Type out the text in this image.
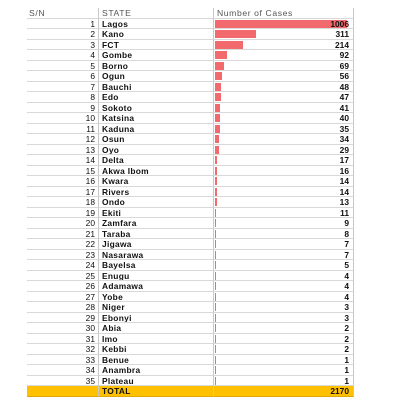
S/N	STATE	Number of Cases
1 Lagos	1006
2 Kano	311
3 FCT	214
4 Gombe	92
5 Borno	69
6 Ogun	56
7 Bauchi	48
8 Edo	47
9 Sokoto	41
10 Katsina	40
11 Kaduna	35
12 Osun	34
13 Oyo	29
14 Delta	17
15 Akwa Ibom	16
16 Kwara	14
17 Rivers	14
18 Ondo	13
19 Ekiti	11
20 Zamfara	9
21 Taraba	8
22 Jigawa	7
23 Nasarawa	7
24 Bayelsa	5
25 Enugu	4
26 Adamawa	4
27 Yobe	4
28 Niger	3
29 Ebonyi	3
30 Abia	2
31 Imo	2
32 Kebbi	2
33 Benue	1
34 Anambra	1
35 Plateau	1
TOTAL	2170
